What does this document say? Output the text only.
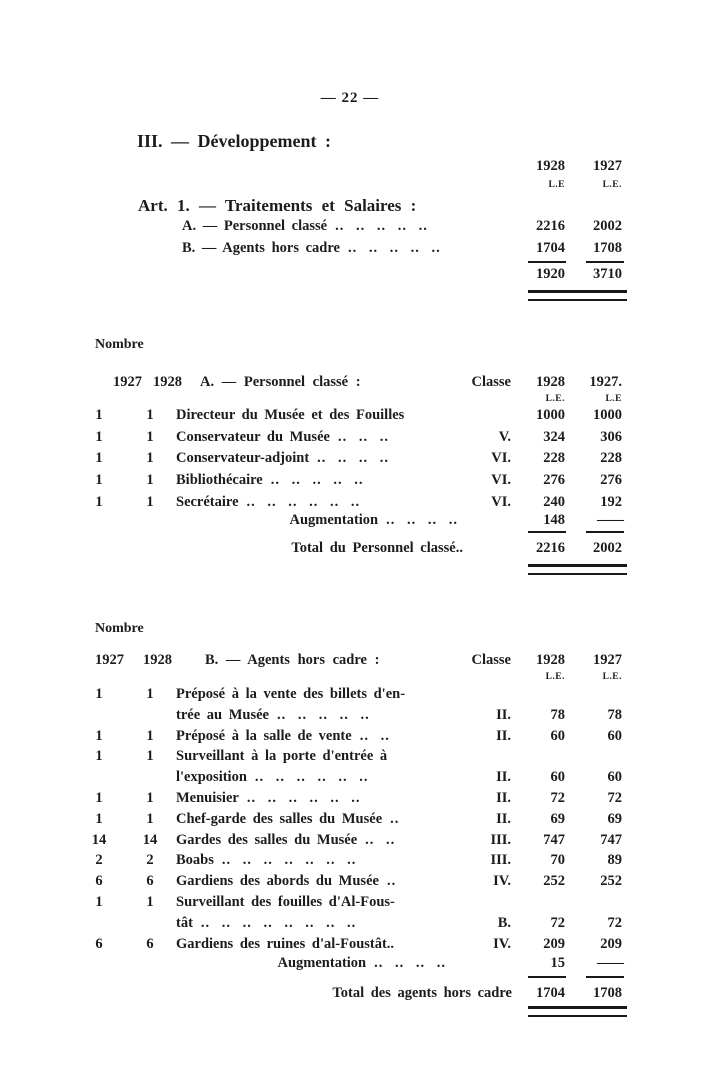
— 22 —
III. — Développement :
1928	1927
L.E	L.E.
Art. 1. — Traitements et Salaires :
A. — Personnel classé .. .. .. .. ..	2216	2002
B. — Agents hors cadre .. .. .. .. ..	1704	1708
1920	3710
Nombre
1927 1928 A. — Personnel classé :	Classe	1928	1927.
L.E.	L.E
1	1	Directeur du Musée et des Fouilles	1000	1000
1	1	Conservateur du Musée .. .. ..	V.	324	306
1	1	Conservateur-adjoint .. .. .. ..	VI.	228	228
1	1	Bibliothécaire .. .. .. .. ..	VI.	276	276
1	1	Secrétaire .. .. .. .. .. ..	VI.	240	192
Augmentation .. .. .. ..	148	——
Total du Personnel classé..	2216	2002
Nombre
1927 1928 B. — Agents hors cadre :	Classe	1928	1927
L.E.	L.E.
1	1	Préposé à la vente des billets d'en-
trée au Musée .. .. .. .. ..	II.	78	78
1	1	Préposé à la salle de vente .. ..	II.	60	60
1	1	Surveillant à la porte d'entrée à
l'exposition .. .. .. .. .. ..	II.	60	60
1	1	Menuisier .. .. .. .. .. ..	II.	72	72
1	1	Chef-garde des salles du Musée ..	II.	69	69
14	14	Gardes des salles du Musée .. ..	III.	747	747
2	2	Boabs .. .. .. .. .. .. ..	III.	70	89
6	6	Gardiens des abords du Musée ..	IV.	252	252
1	1	Surveillant des fouilles d'Al-Fous-
tât .. .. .. .. .. .. .. ..	B.	72	72
6	6	Gardiens des ruines d'al-Foustât..	IV.	209	209
Augmentation .. .. .. ..	15	——
Total des agents hors cadre	1704	1708
